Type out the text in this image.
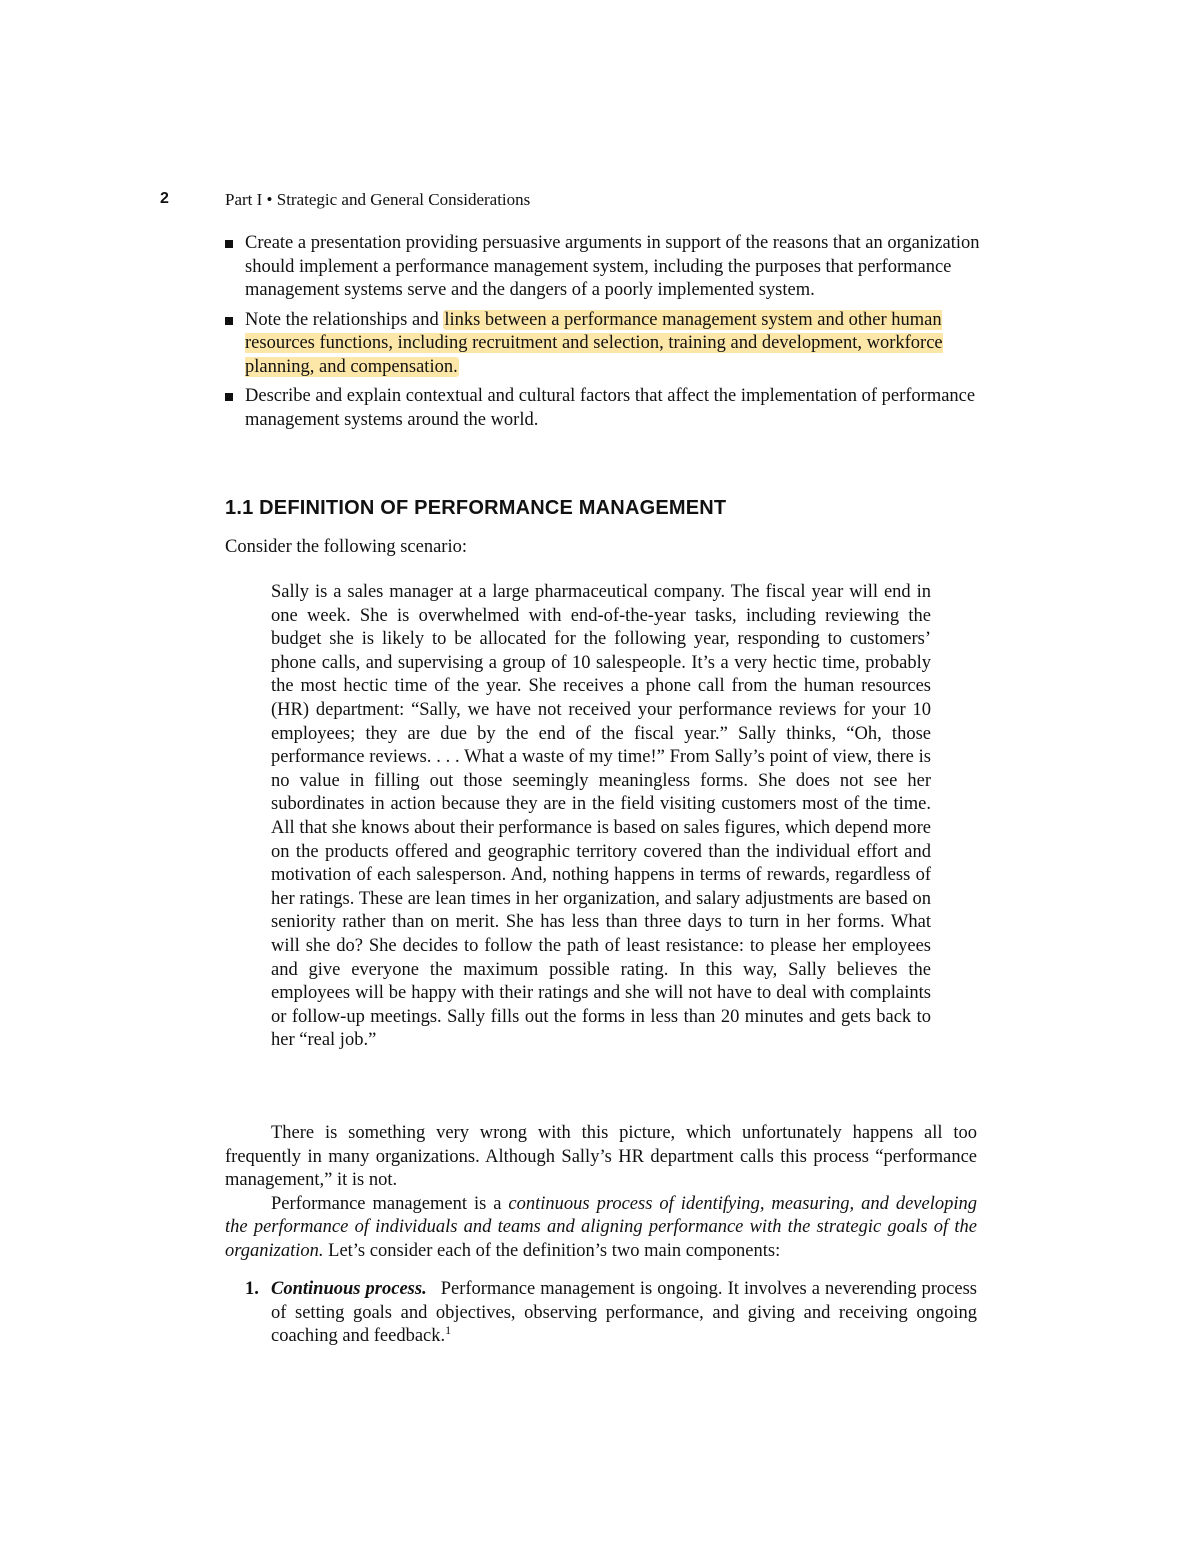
2	Part I • Strategic and General Considerations
Create a presentation providing persuasive arguments in support of the reasons that an organization should implement a performance management system, including the purposes that performance management systems serve and the dangers of a poorly implemented system.
Note the relationships and links between a performance management system and other human resources functions, including recruitment and selection, training and development, workforce planning, and compensation.
Describe and explain contextual and cultural factors that affect the implementation of performance management systems around the world.
1.1 DEFINITION OF PERFORMANCE MANAGEMENT

Consider the following scenario:

Sally is a sales manager at a large pharmaceutical company. The fiscal year will end in one week. She is overwhelmed with end-of-the-year tasks, including reviewing the budget she is likely to be allocated for the following year, responding to customers’ phone calls, and supervising a group of 10 salespeople. It’s a very hectic time, probably the most hectic time of the year. She receives a phone call from the human resources (HR) department: “Sally, we have not received your performance reviews for your 10 employees; they are due by the end of the fiscal year.” Sally thinks, “Oh, those performance reviews. . . . What a waste of my time!” From Sally’s point of view, there is no value in filling out those seemingly meaningless forms. She does not see her subordinates in action because they are in the field visiting customers most of the time. All that she knows about their performance is based on sales figures, which depend more on the products offered and geographic territory covered than the individual effort and motivation of each salesperson. And, nothing happens in terms of rewards, regardless of her ratings. These are lean times in her organization, and salary adjustments are based on seniority rather than on merit. She has less than three days to turn in her forms. What will she do? She decides to follow the path of least resistance: to please her employees and give everyone the maximum possible rating. In this way, Sally believes the employees will be happy with their ratings and she will not have to deal with complaints or follow-up meetings. Sally fills out the forms in less than 20 minutes and gets back to her “real job.”

There is something very wrong with this picture, which unfortunately happens all too frequently in many organizations. Although Sally’s HR department calls this process “performance management,” it is not.

Performance management is a continuous process of identifying, measuring, and developing the performance of individuals and teams and aligning performance with the strategic goals of the organization. Let’s consider each of the definition’s two main components:

1. Continuous process. Performance management is ongoing. It involves a neverending process of setting goals and objectives, observing performance, and giving and receiving ongoing coaching and feedback.$^1$
